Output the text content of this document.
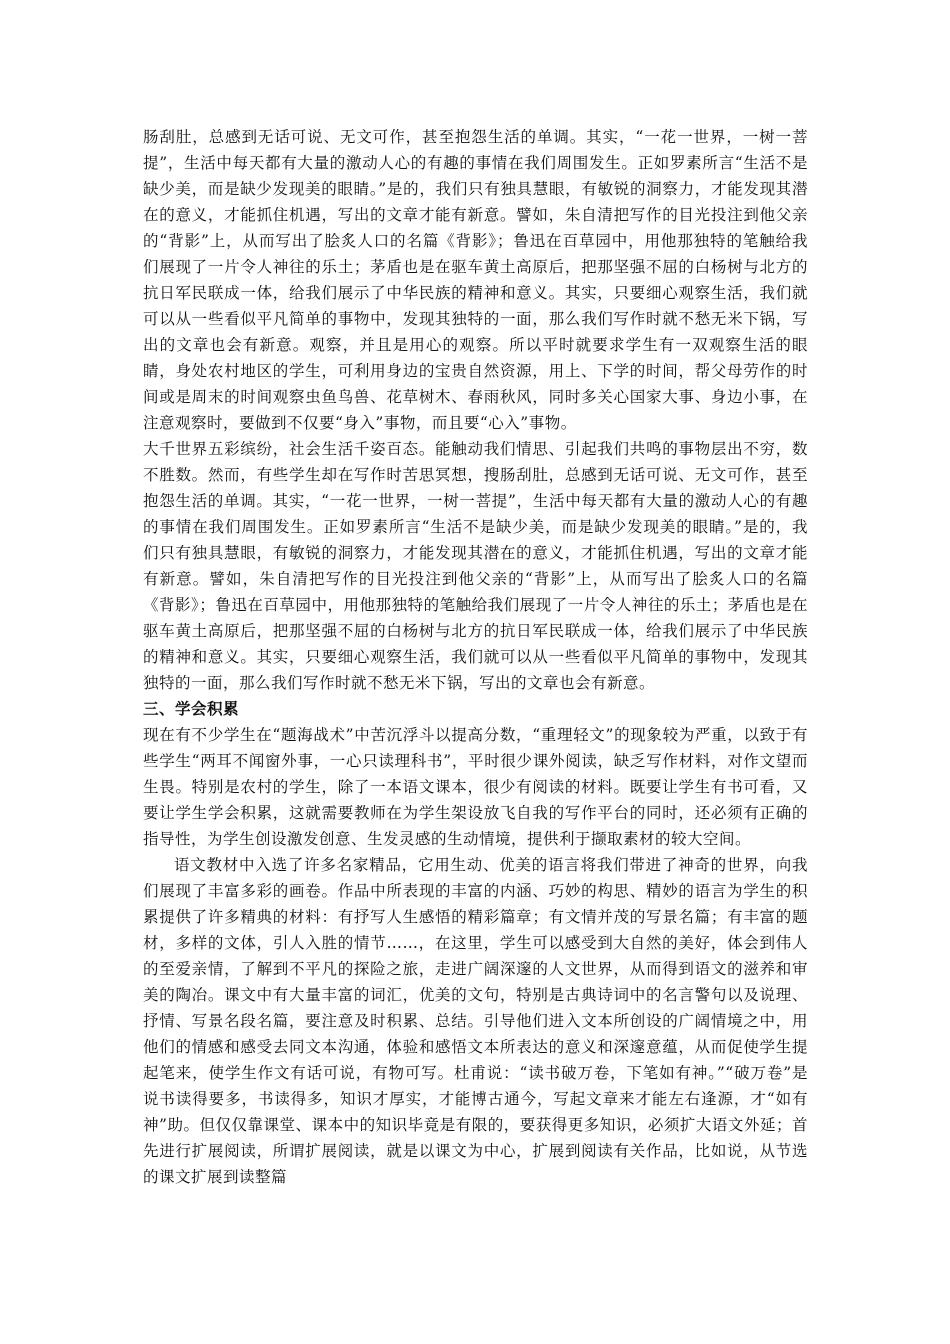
肠刮肚，总感到无话可说、无文可作，甚至抱怨生活的单调。其实，“一花一世界，一树一菩提”，生活中每天都有大量的激动人心的有趣的事情在我们周围发生。正如罗素所言“生活不是缺少美，而是缺少发现美的眼睛。”是的，我们只有独具慧眼，有敏锐的洞察力，才能发现其潜在的意义，才能抓住机遇，写出的文章才能有新意。譬如，朱自清把写作的目光投注到他父亲的“背影”上，从而写出了脍炙人口的名篇《背影》；鲁迅在百草园中，用他那独特的笔触给我们展现了一片令人神往的乐土；茅盾也是在驱车黄土高原后，把那坚强不屈的白杨树与北方的抗日军民联成一体，给我们展示了中华民族的精神和意义。其实，只要细心观察生活，我们就可以从一些看似平凡简单的事物中，发现其独特的一面，那么我们写作时就不愁无米下锅，写出的文章也会有新意。观察，并且是用心的观察。所以平时就要求学生有一双观察生活的眼睛，身处农村地区的学生，可利用身边的宝贵自然资源，用上、下学的时间，帮父母劳作的时间或是周末的时间观察虫鱼鸟兽、花草树木、春雨秋风，同时多关心国家大事、身边小事，在注意观察时，要做到不仅要“身入”事物，而且要“心入”事物。

大千世界五彩缤纷，社会生活千姿百态。能触动我们情思、引起我们共鸣的事物层出不穷，数不胜数。然而，有些学生却在写作时苦思冥想，搜肠刮肚，总感到无话可说、无文可作，甚至抱怨生活的单调。其实，“一花一世界，一树一菩提”，生活中每天都有大量的激动人心的有趣的事情在我们周围发生。正如罗素所言“生活不是缺少美，而是缺少发现美的眼睛。”是的，我们只有独具慧眼，有敏锐的洞察力，才能发现其潜在的意义，才能抓住机遇，写出的文章才能有新意。譬如，朱自清把写作的目光投注到他父亲的“背影”上，从而写出了脍炙人口的名篇《背影》；鲁迅在百草园中，用他那独特的笔触给我们展现了一片令人神往的乐土；茅盾也是在驱车黄土高原后，把那坚强不屈的白杨树与北方的抗日军民联成一体，给我们展示了中华民族的精神和意义。其实，只要细心观察生活，我们就可以从一些看似平凡简单的事物中，发现其独特的一面，那么我们写作时就不愁无米下锅，写出的文章也会有新意。

三、学会积累

现在有不少学生在“题海战术”中苦沉浮斗以提高分数，“重理轻文”的现象较为严重，以致于有些学生“两耳不闻窗外事，一心只读理科书”，平时很少课外阅读，缺乏写作材料，对作文望而生畏。特别是农村的学生，除了一本语文课本，很少有阅读的材料。既要让学生有书可看，又要让学生学会积累，这就需要教师在为学生架设放飞自我的写作平台的同时，还必须有正确的指导性，为学生创设激发创意、生发灵感的生动情境，提供利于撷取素材的较大空间。

语文教材中入选了许多名家精品，它用生动、优美的语言将我们带进了神奇的世界，向我们展现了丰富多彩的画卷。作品中所表现的丰富的内涵、巧妙的构思、精妙的语言为学生的积累提供了许多精典的材料：有抒写人生感悟的精彩篇章；有文情并茂的写景名篇；有丰富的题材，多样的文体，引人入胜的情节……，在这里，学生可以感受到大自然的美好，体会到伟人的至爱亲情，了解到不平凡的探险之旅，走进广阔深邃的人文世界，从而得到语文的滋养和审美的陶冶。课文中有大量丰富的词汇，优美的文句，特别是古典诗词中的名言警句以及说理、抒情、写景名段名篇，要注意及时积累、总结。引导他们进入文本所创设的广阔情境之中，用他们的情感和感受去同文本沟通，体验和感悟文本所表达的意义和深邃意蕴，从而促使学生提起笔来，使学生作文有话可说，有物可写。杜甫说：“读书破万卷，下笔如有神。”“破万卷”是说书读得要多，书读得多，知识才厚实，才能博古通今，写起文章来才能左右逢源，才“如有神”助。但仅仅靠课堂、课本中的知识毕竟是有限的，要获得更多知识，必须扩大语文外延；首先进行扩展阅读，所谓扩展阅读，就是以课文为中心，扩展到阅读有关作品，比如说，从节选的课文扩展到读整篇
